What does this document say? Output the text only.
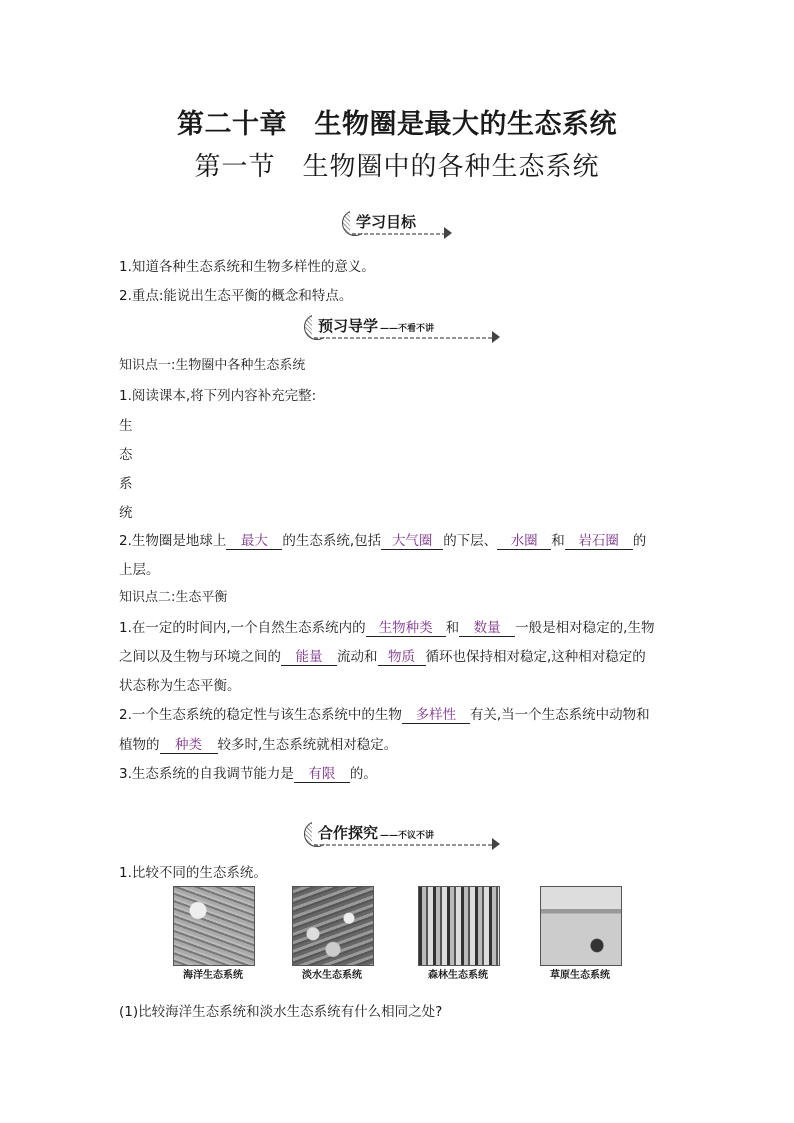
第二十章　生物圈是最大的生态系统
第一节　生物圈中的各种生态系统
学习目标
1.知道各种生态系统和生物多样性的意义。
2.重点:能说出生态平衡的概念和特点。
预习导学 ——不看不讲
知识点一:生物圈中各种生态系统
1.阅读课本,将下列内容补充完整:
生
态
系
统
2.生物圈是地球上 最大 的生态系统,包括 大气圈 的下层、 水圈 和 岩石圈 的
上层。
知识点二:生态平衡
1.在一定的时间内,一个自然生态系统内的 生物种类 和 数量 一般是相对稳定的,生物
之间以及生物与环境之间的 能量 流动和 物质 循环也保持相对稳定,这种相对稳定的
状态称为生态平衡。
2.一个生态系统的稳定性与该生态系统中的生物 多样性 有关,当一个生态系统中动物和
植物的 种类 较多时,生态系统就相对稳定。
3.生态系统的自我调节能力是 有限 的。
合作探究 ——不议不讲
1.比较不同的生态系统。
海洋生态系统	淡水生态系统	森林生态系统	草原生态系统
(1)比较海洋生态系统和淡水生态系统有什么相同之处?
